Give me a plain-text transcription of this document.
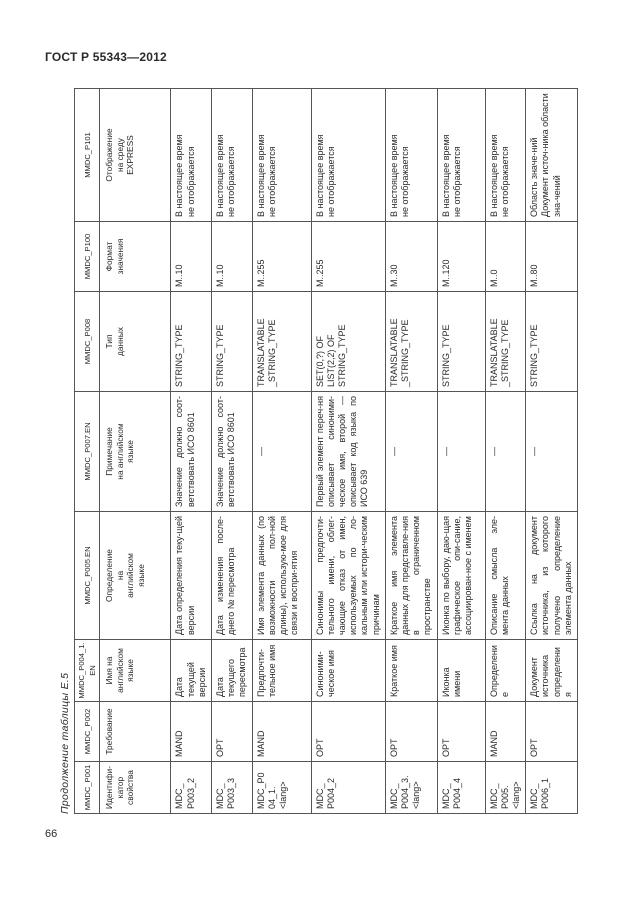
ГОСТ Р 55343—2012
Продолжение таблицы Е.5	MMDC_P001	MMDC_P002	MMDC_P004_1.EN	MMDC_P005.EN	MMDC_P007.EN	MMDC_P008	MMDC_P100	MMDC_P101
Идентифи-
катор
свойства	Требование	Имя на
английском
языке	Определение
на
английском
языке	Примечание
на английском
языке	Тип
данных	Формат
значения	Отображение
на среду
EXPRESS
MDC_
P003_2	MAND	Дата текущей версии	Дата определения теку-щей версии	Значение должно соот-ветствовать ИСО 8601	STRING_TYPE	M..10	В настоящее время
не отображается
MDC_
P003_3	OPT	Дата текущего пересмотра	Дата изменения после-днего № пересмотра	Значение должно соот-ветствовать ИСО 8601	STRING_TYPE	M..10	В настоящее время
не отображается
MDC_P0
04_1.
<lang>	MAND	Предпочти-тельное имя	Имя элемента данных (по возможности пол-ной длины), использую-мое для связи и воспри-ятия	—	TRANSLATABLE
_STRING_TYPE	M..255	В настоящее время
не отображается
MDC_
P004_2	OPT	Синоними-ческое имя	Синонимы предпочти-тельного имени, облег-чающие отказ от имен, используемых по ло-кальным или истори-ческим причинам	Первый элемент переч-ня описывает синоними-ческое имя, второй — описывает код языка по ИСО 639	SET(0,?) OF
LIST(2,2) OF
STRING_TYPE	M..255	В настоящее время
не отображается
MDC_
P004_3.
<lang>	OPT	Краткое имя	Краткое имя элемента данных для представле-ния в ограниченном пространстве	—	TRANSLATABLE
_STRING_TYPE	M..30	В настоящее время
не отображается
MDC_
P004_4	OPT	Иконка имени	Иконка по выбору, даю-щая графическое опи-сание, ассоциирован-ное с именем	—	STRING_TYPE	M..120	В настоящее время
не отображается
MDC_
P005.
<lang>	MAND	Определение	Описание смысла эле-мента данных	—	TRANSLATABLE
_STRING_TYPE	M..0	В настоящее время
не отображается
MDC_
P006_1	OPT	Документ источника определения	Ссылка на документ источника, из которого получено определение элемента данных	—	STRING_TYPE	M..80	Область значе-ний
Документ источ-ника области зна-чений
66
